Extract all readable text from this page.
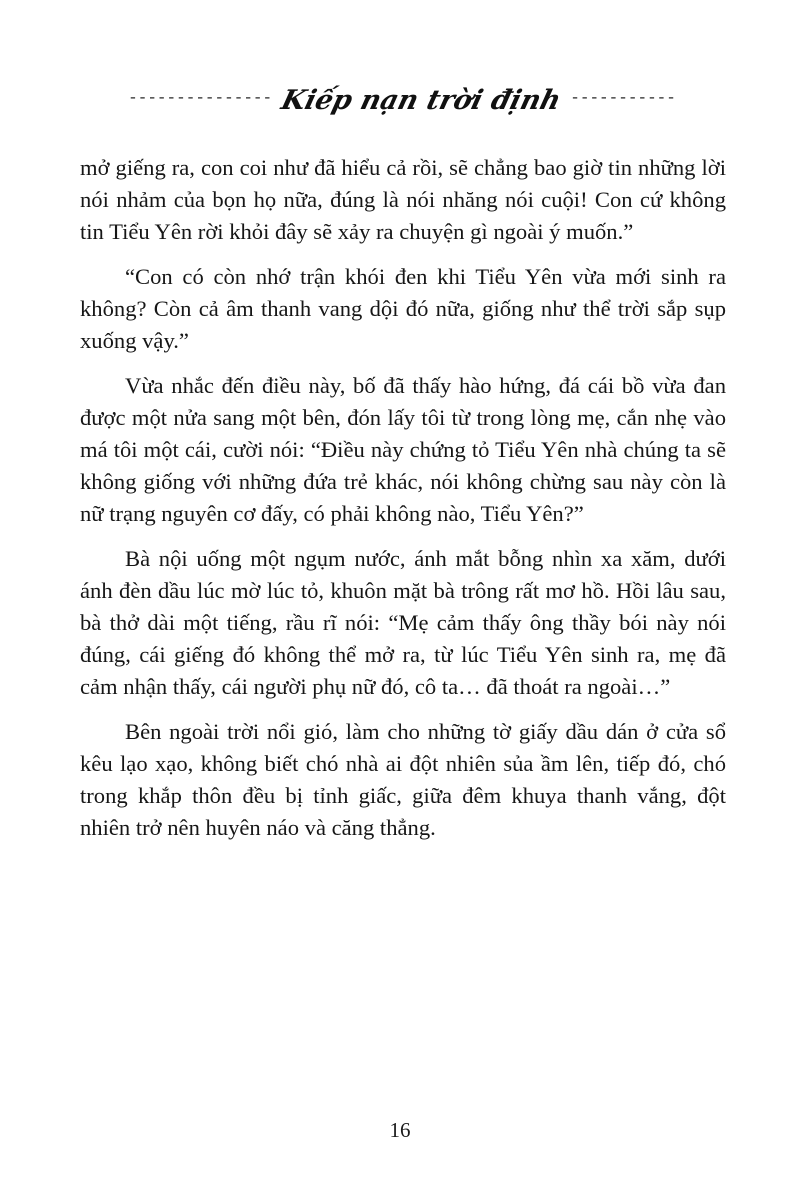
--------------- Kiếp nạn trời định -----------

mở giếng ra, con coi như đã hiểu cả rồi, sẽ chẳng bao giờ tin những lời nói nhảm của bọn họ nữa, đúng là nói nhăng nói cuội! Con cứ không tin Tiểu Yên rời khỏi đây sẽ xảy ra chuyện gì ngoài ý muốn.”

“Con có còn nhớ trận khói đen khi Tiểu Yên vừa mới sinh ra không? Còn cả âm thanh vang dội đó nữa, giống như thể trời sắp sụp xuống vậy.”

Vừa nhắc đến điều này, bố đã thấy hào hứng, đá cái bồ vừa đan được một nửa sang một bên, đón lấy tôi từ trong lòng mẹ, cắn nhẹ vào má tôi một cái, cười nói: “Điều này chứng tỏ Tiểu Yên nhà chúng ta sẽ không giống với những đứa trẻ khác, nói không chừng sau này còn là nữ trạng nguyên cơ đấy, có phải không nào, Tiểu Yên?”

Bà nội uống một ngụm nước, ánh mắt bỗng nhìn xa xăm, dưới ánh đèn dầu lúc mờ lúc tỏ, khuôn mặt bà trông rất mơ hồ. Hồi lâu sau, bà thở dài một tiếng, rầu rĩ nói: “Mẹ cảm thấy ông thầy bói này nói đúng, cái giếng đó không thể mở ra, từ lúc Tiểu Yên sinh ra, mẹ đã cảm nhận thấy, cái người phụ nữ đó, cô ta… đã thoát ra ngoài…”

Bên ngoài trời nổi gió, làm cho những tờ giấy dầu dán ở cửa sổ kêu lạo xạo, không biết chó nhà ai đột nhiên sủa ầm lên, tiếp đó, chó trong khắp thôn đều bị tỉnh giấc, giữa đêm khuya thanh vắng, đột nhiên trở nên huyên náo và căng thẳng.

16
